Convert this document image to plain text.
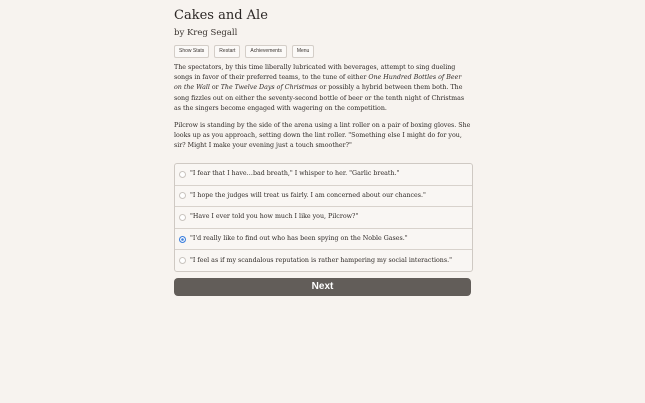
Cakes and Ale
by Kreg Segall
Show Stats	Restart	Achievements	Menu

The spectators, by this time liberally lubricated with beverages, attempt to sing dueling songs in favor of their preferred teams, to the tune of either One Hundred Bottles of Beer on the Wall or The Twelve Days of Christmas or possibly a hybrid between them both. The song fizzles out on either the seventy-second bottle of beer or the tenth night of Christmas as the singers become engaged with wagering on the competition.

Pilcrow is standing by the side of the arena using a lint roller on a pair of boxing gloves. She looks up as you approach, setting down the lint roller. "Something else I might do for you, sir? Might I make your evening just a touch smoother?"

"I fear that I have…bad breath," I whisper to her. "Garlic breath."
"I hope the judges will treat us fairly. I am concerned about our chances."
"Have I ever told you how much I like you, Pilcrow?"
"I'd really like to find out who has been spying on the Noble Gases."
"I feel as if my scandalous reputation is rather hampering my social interactions."
Next
